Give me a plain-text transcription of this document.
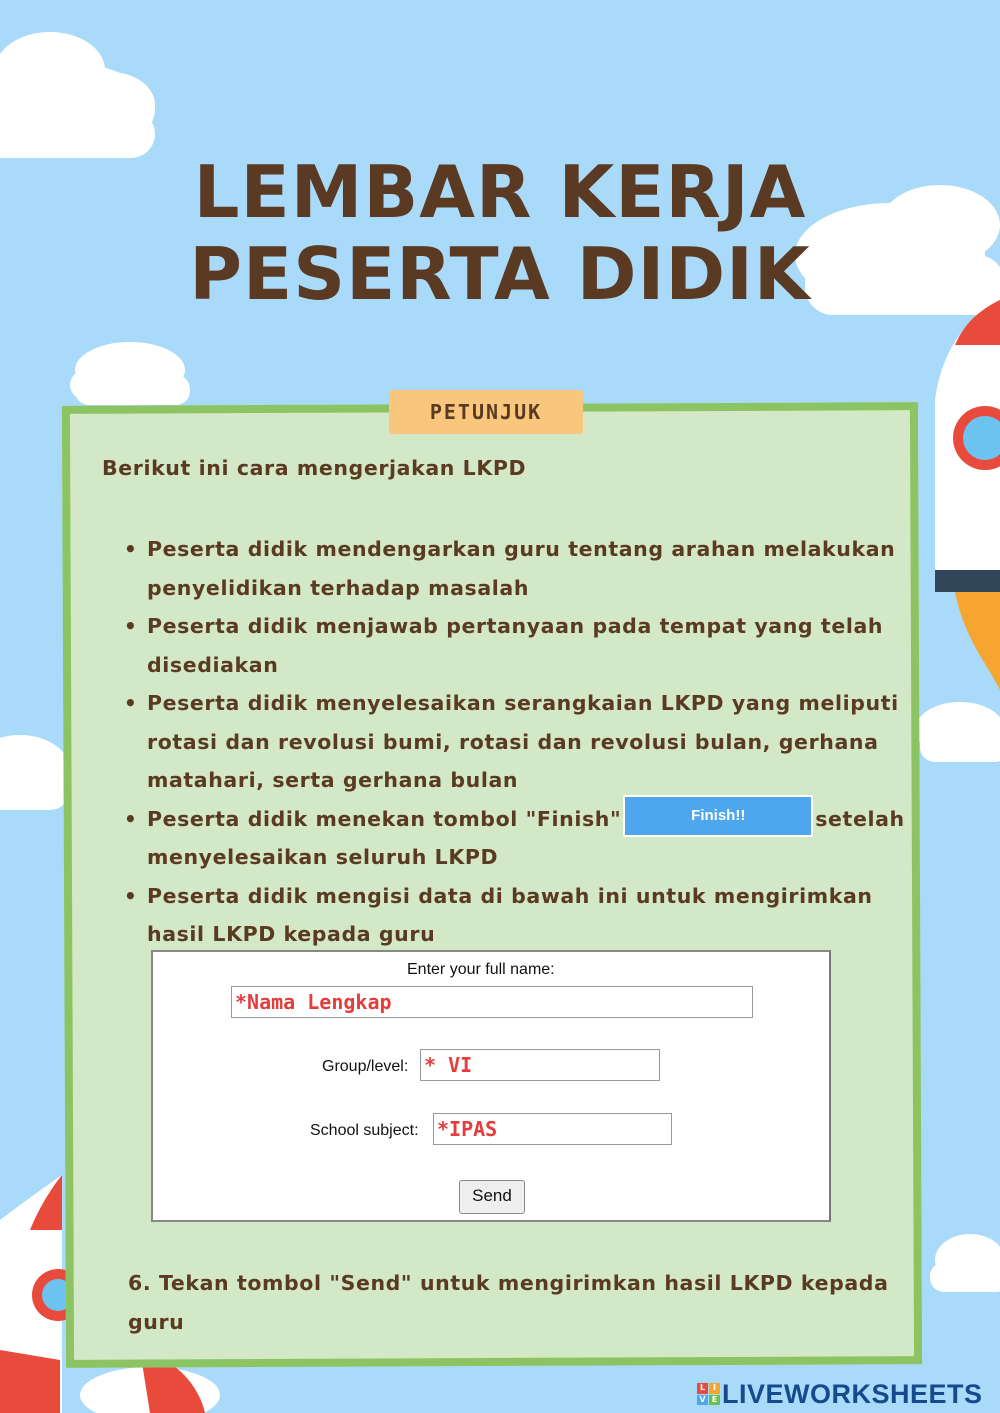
LEMBAR KERJA
PESERTA DIDIK
PETUNJUK
Berikut ini cara mengerjakan LKPD
• Peserta didik mendengarkan guru tentang arahan melakukan penyelidikan terhadap masalah
• Peserta didik menjawab pertanyaan pada tempat yang telah disediakan
• Peserta didik menyelesaikan serangkaian LKPD yang meliputi rotasi dan revolusi bumi, rotasi dan revolusi bulan, gerhana matahari, serta gerhana bulan
• Peserta didik menekan tombol "Finish"	Finish!!	setelah menyelesaikan seluruh LKPD
• Peserta didik mengisi data di bawah ini untuk mengirimkan hasil LKPD kepada guru
Enter your full name:
*Nama Lengkap
Group/level: * VI
School subject: *IPAS
Send
6. Tekan tombol "Send" untuk mengirimkan hasil LKPD kepada guru
L I
V E LIVEWORKSHEETS
